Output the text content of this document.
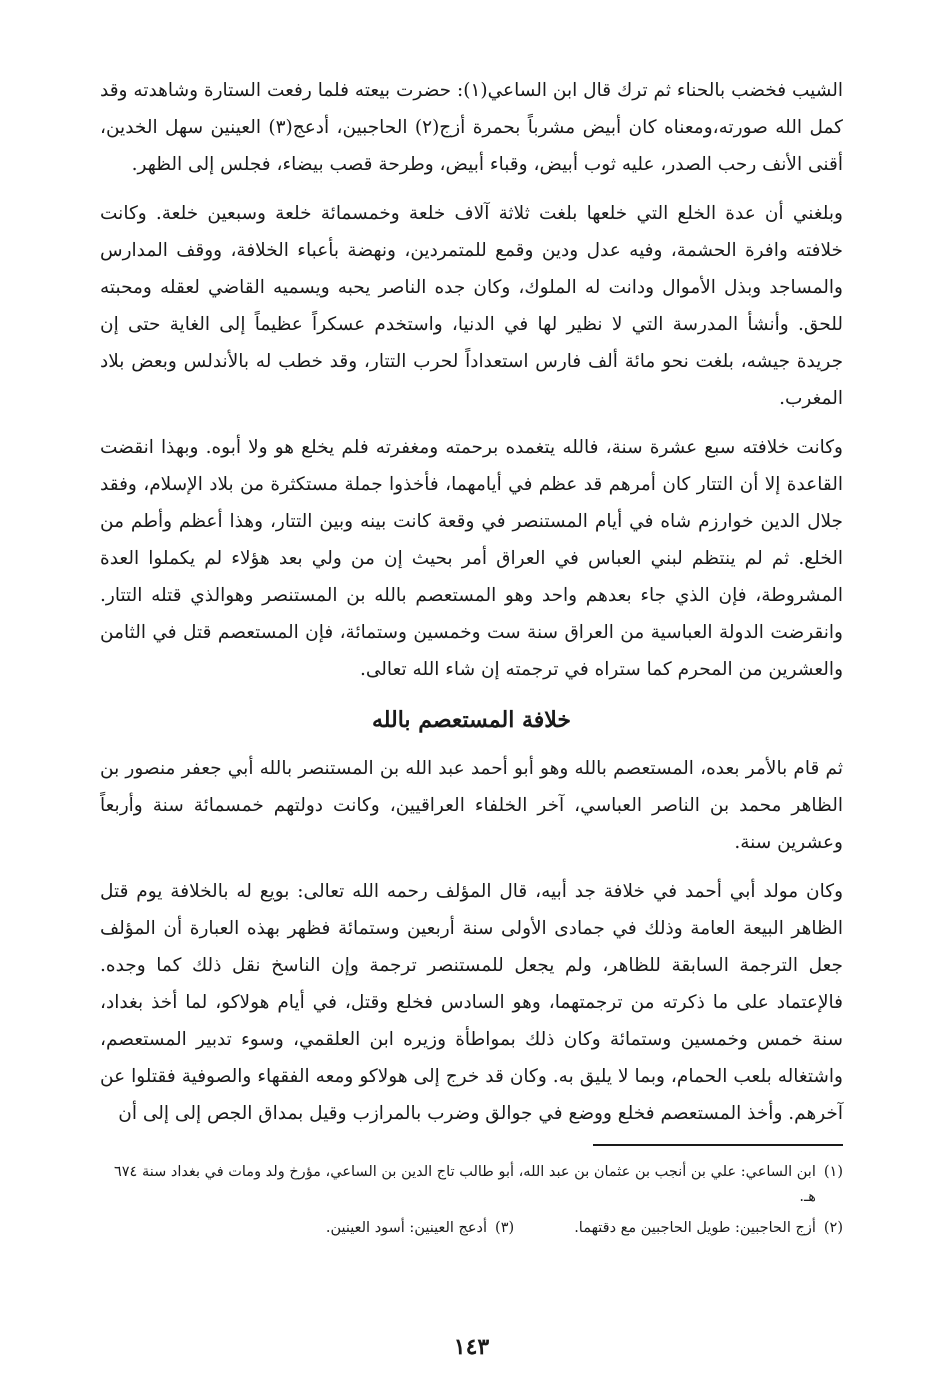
الشيب فخضب بالحناء ثم ترك قال ابن الساعي(١): حضرت بيعته فلما رفعت الستارة وشاهدته وقد كمل الله صورته،ومعناه كان أبيض مشرباً بحمرة أزج(٢) الحاجبين، أدعج(٣) العينين سهل الخدين، أقنى الأنف رحب الصدر، عليه ثوب أبيض، وقباء أبيض، وطرحة قصب بيضاء، فجلس إلى الظهر.

وبلغني أن عدة الخلع التي خلعها بلغت ثلاثة آلاف خلعة وخمسمائة خلعة وسبعين خلعة. وكانت خلافته وافرة الحشمة، وفيه عدل ودين وقمع للمتمردين، ونهضة بأعباء الخلافة، ووقف المدارس والمساجد وبذل الأموال ودانت له الملوك، وكان جده الناصر يحبه ويسميه القاضي لعقله ومحبته للحق. وأنشأ المدرسة التي لا نظير لها في الدنيا، واستخدم عسكراً عظيماً إلى الغاية حتى إن جريدة جيشه، بلغت نحو مائة ألف فارس استعداداً لحرب التتار، وقد خطب له بالأندلس وبعض بلاد المغرب.

وكانت خلافته سبع عشرة سنة، فالله يتغمده برحمته ومغفرته فلم يخلع هو ولا أبوه. وبهذا انقضت القاعدة إلا أن التتار كان أمرهم قد عظم في أيامهما، فأخذوا جملة مستكثرة من بلاد الإسلام، وفقد جلال الدين خوارزم شاه في أيام المستنصر في وقعة كانت بينه وبين التتار، وهذا أعظم وأطم من الخلع. ثم لم ينتظم لبني العباس في العراق أمر بحيث إن من ولي بعد هؤلاء لم يكملوا العدة المشروطة، فإن الذي جاء بعدهم واحد وهو المستعصم بالله بن المستنصر وهوالذي قتله التتار. وانقرضت الدولة العباسية من العراق سنة ست وخمسين وستمائة، فإن المستعصم قتل في الثامن والعشرين من المحرم كما ستراه في ترجمته إن شاء الله تعالى.

خلافة المستعصم بالله

ثم قام بالأمر بعده، المستعصم بالله وهو أبو أحمد عبد الله بن المستنصر بالله أبي جعفر منصور بن الظاهر محمد بن الناصر العباسي، آخر الخلفاء العراقيين، وكانت دولتهم خمسمائة سنة وأربعاً وعشرين سنة.

وكان مولد أبي أحمد في خلافة جد أبيه، قال المؤلف رحمه الله تعالى: بويع له بالخلافة يوم قتل الظاهر البيعة العامة وذلك في جمادى الأولى سنة أربعين وستمائة فظهر بهذه العبارة أن المؤلف جعل الترجمة السابقة للظاهر، ولم يجعل للمستنصر ترجمة وإن الناسخ نقل ذلك كما وجده. فالإعتماد على ما ذكرته من ترجمتهما، وهو السادس فخلع وقتل، في أيام هولاكو، لما أخذ بغداد، سنة خمس وخمسين وستمائة وكان ذلك بمواطأة وزيره ابن العلقمي، وسوء تدبير المستعصم، واشتغاله بلعب الحمام، وبما لا يليق به. وكان قد خرج إلى هولاكو ومعه الفقهاء والصوفية فقتلوا عن آخرهم. وأخذ المستعصم فخلع ووضع في جوالق وضرب بالمرازب وقيل بمداق الجص إلى إلى أن

(١)
ابن الساعي: علي بن أنجب بن عثمان بن عبد الله، أبو طالب تاج الدين بن الساعي، مؤرخ ولد ومات في بغداد سنة ٦٧٤ هـ.
(٢)
أزج الحاجبين: طويل الحاجبين مع دقتهما.
(٣)
أدعج العينين: أسود العينين.
١٤٣
